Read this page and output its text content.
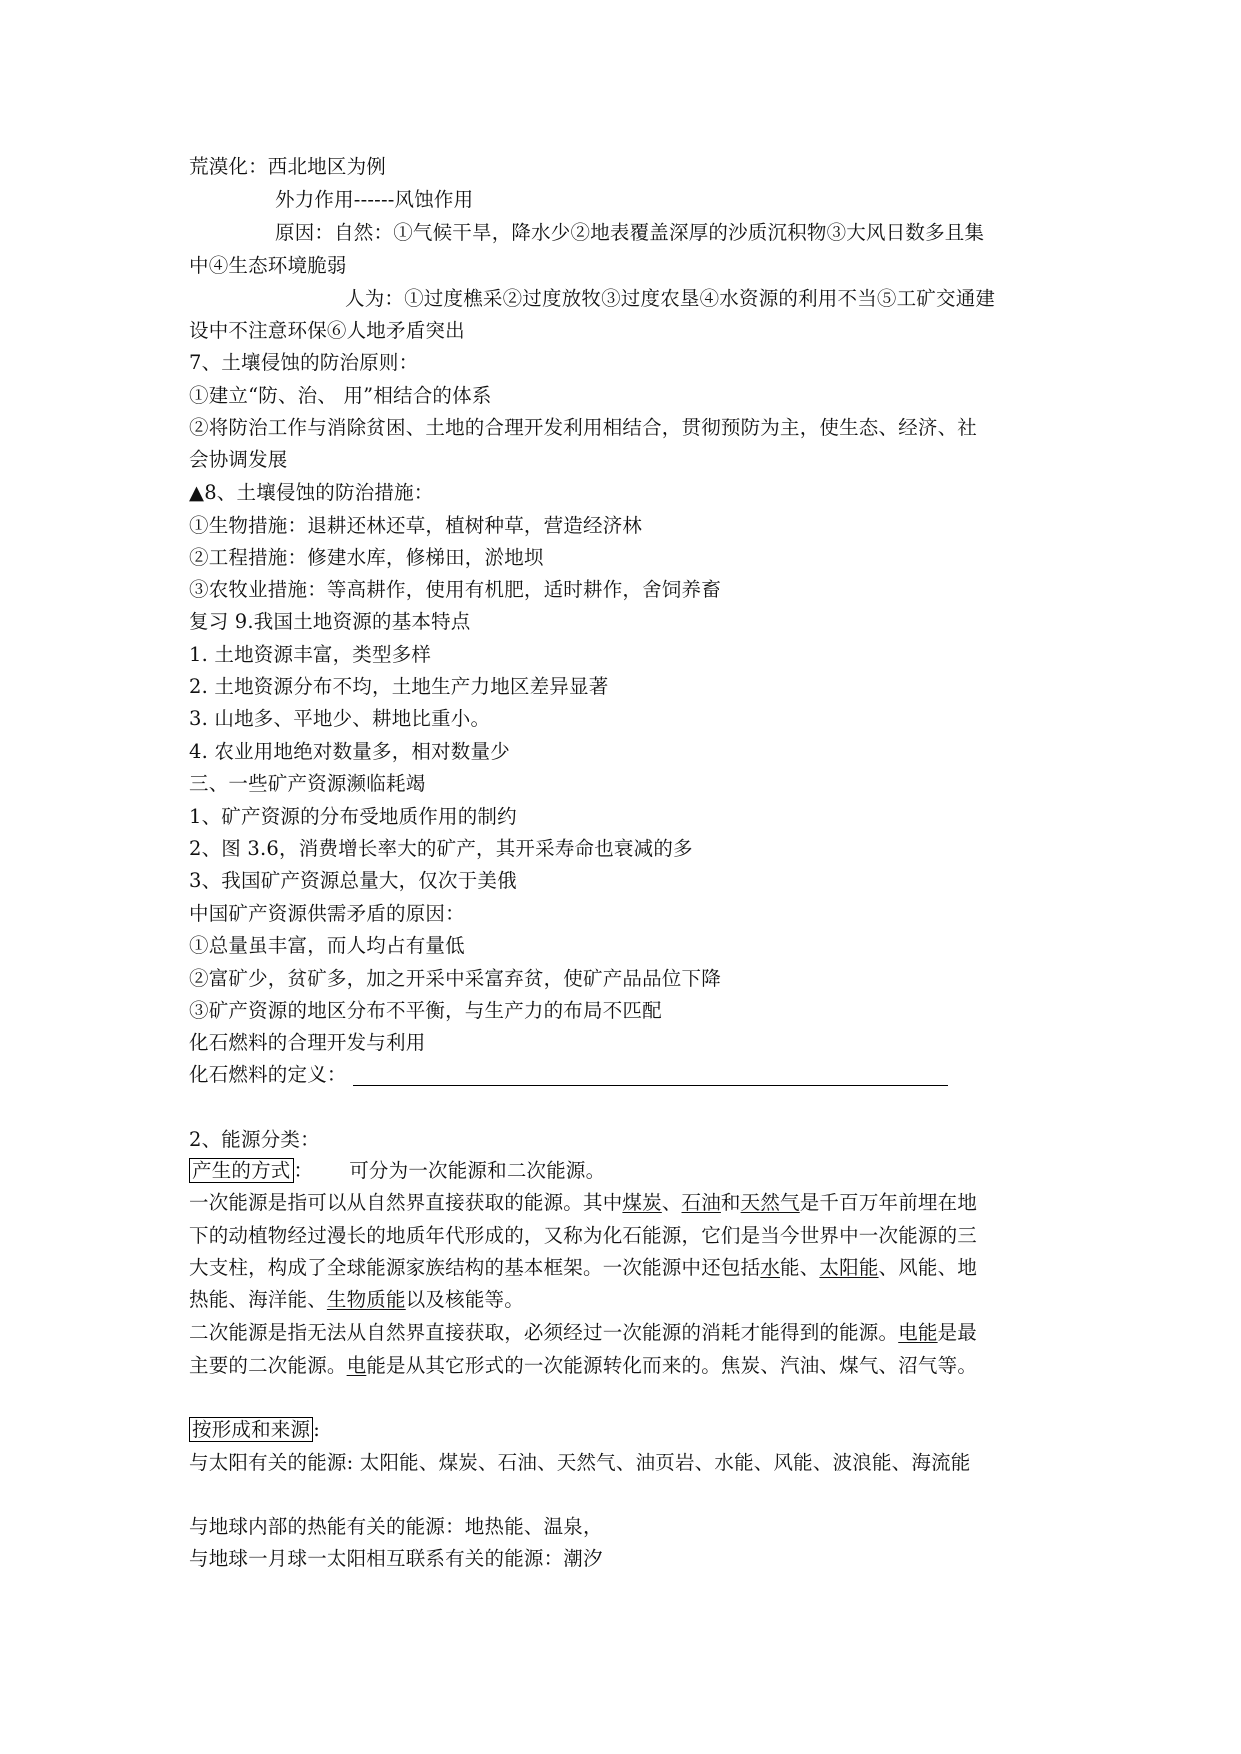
荒漠化：西北地区为例
外力作用------风蚀作用
原因：自然：①气候干旱，降水少②地表覆盖深厚的沙质沉积物③大风日数多且集
中④生态环境脆弱
人为：①过度樵采②过度放牧③过度农垦④水资源的利用不当⑤工矿交通建
设中不注意环保⑥人地矛盾突出
7、土壤侵蚀的防治原则：
①建立“防、治、 用”相结合的体系
②将防治工作与消除贫困、土地的合理开发利用相结合，贯彻预防为主，使生态、经济、社
会协调发展
▲8、土壤侵蚀的防治措施：
①生物措施：退耕还林还草，植树种草，营造经济林
②工程措施：修建水库，修梯田，淤地坝
③农牧业措施：等高耕作，使用有机肥，适时耕作，舍饲养畜
复习 9.我国土地资源的基本特点
1. 土地资源丰富，类型多样
2. 土地资源分布不均，土地生产力地区差异显著
3. 山地多、平地少、耕地比重小。
4. 农业用地绝对数量多，相对数量少
三、一些矿产资源濒临耗竭
1、矿产资源的分布受地质作用的制约
2、图 3.6，消费增长率大的矿产，其开采寿命也衰减的多
3、我国矿产资源总量大，仅次于美俄
中国矿产资源供需矛盾的原因：
①总量虽丰富，而人均占有量低
②富矿少，贫矿多，加之开采中采富弃贫，使矿产品品位下降
③矿产资源的地区分布不平衡，与生产力的布局不匹配
化石燃料的合理开发与利用
化石燃料的定义：
2、能源分类：
产生的方式 ： 可分为一次能源和二次能源。
一次能源是指可以从自然界直接获取的能源。其中煤炭、石油和天然气是千百万年前埋在地
下的动植物经过漫长的地质年代形成的，又称为化石能源，它们是当今世界中一次能源的三
大支柱，构成了全球能源家族结构的基本框架。一次能源中还包括水能、太阳能、风能、地
热能、海洋能、生物质能以及核能等。
二次能源是指无法从自然界直接获取，必须经过一次能源的消耗才能得到的能源。电能是最
主要的二次能源。电能是从其它形式的一次能源转化而来的。焦炭、汽油、煤气、沼气等。
按形成和来源 :
与太阳有关的能源: 太阳能、煤炭、石油、天然气、油页岩、水能、风能、波浪能、海流能
与地球内部的热能有关的能源：地热能、温泉，
与地球一月球一太阳相互联系有关的能源：潮汐
